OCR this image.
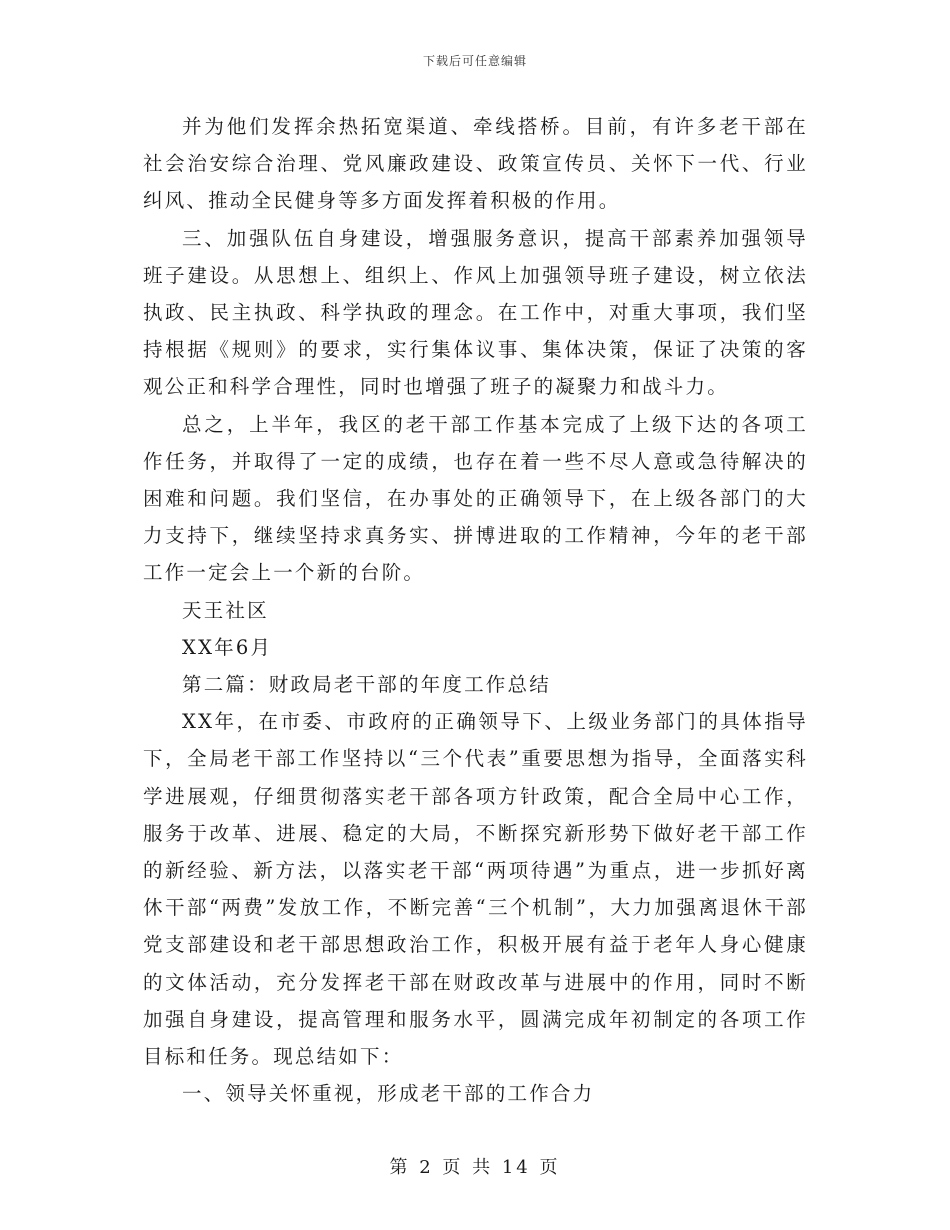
下载后可任意编辑

并为他们发挥余热拓宽渠道、牵线搭桥。目前，有许多老干部在社会治安综合治理、党风廉政建设、政策宣传员、关怀下一代、行业纠风、推动全民健身等多方面发挥着积极的作用。

三、加强队伍自身建设，增强服务意识，提高干部素养加强领导班子建设。从思想上、组织上、作风上加强领导班子建设，树立依法执政、民主执政、科学执政的理念。在工作中，对重大事项，我们坚持根据《规则》的要求，实行集体议事、集体决策，保证了决策的客观公正和科学合理性，同时也增强了班子的凝聚力和战斗力。

总之，上半年，我区的老干部工作基本完成了上级下达的各项工作任务，并取得了一定的成绩，也存在着一些不尽人意或急待解决的困难和问题。我们坚信，在办事处的正确领导下，在上级各部门的大力支持下，继续坚持求真务实、拼博进取的工作精神，今年的老干部工作一定会上一个新的台阶。

天王社区

XX年6月

第二篇：财政局老干部的年度工作总结

XX年，在市委、市政府的正确领导下、上级业务部门的具体指导下，全局老干部工作坚持以“三个代表”重要思想为指导，全面落实科学进展观，仔细贯彻落实老干部各项方针政策，配合全局中心工作，服务于改革、进展、稳定的大局，不断探究新形势下做好老干部工作的新经验、新方法，以落实老干部“两项待遇”为重点，进一步抓好离休干部“两费”发放工作，不断完善“三个机制”，大力加强离退休干部党支部建设和老干部思想政治工作，积极开展有益于老年人身心健康的文体活动，充分发挥老干部在财政改革与进展中的作用，同时不断加强自身建设，提高管理和服务水平，圆满完成年初制定的各项工作目标和任务。现总结如下：

一、领导关怀重视，形成老干部的工作合力

第 2 页 共 14 页
